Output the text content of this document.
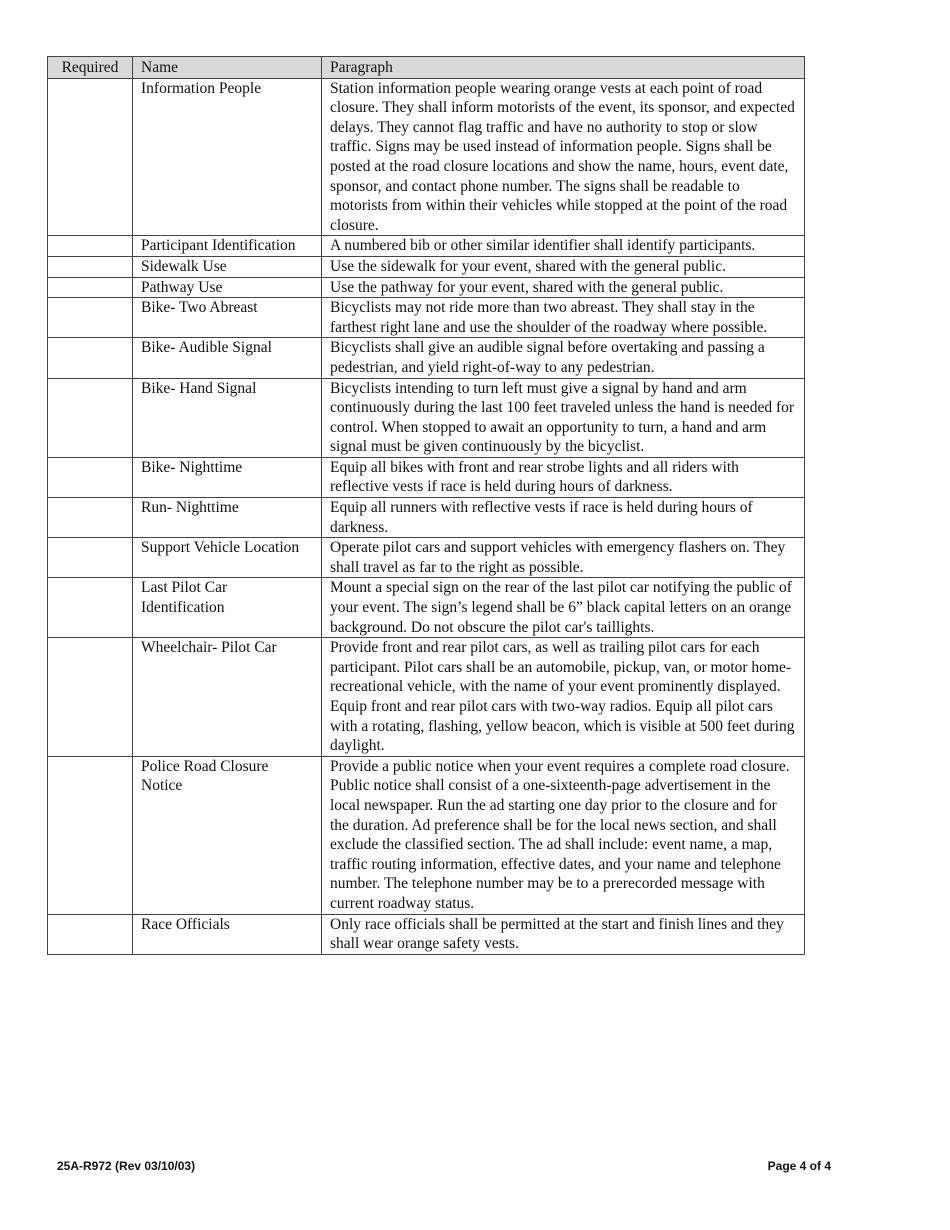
Required	Name	Paragraph
	Information People	Station information people wearing orange vests at each point of road closure. They shall inform motorists of the event, its sponsor, and expected delays. They cannot flag traffic and have no authority to stop or slow traffic. Signs may be used instead of information people. Signs shall be posted at the road closure locations and show the name, hours, event date, sponsor, and contact phone number. The signs shall be readable to motorists from within their vehicles while stopped at the point of the road closure.
	Participant Identification	A numbered bib or other similar identifier shall identify participants.
	Sidewalk Use	Use the sidewalk for your event, shared with the general public.
	Pathway Use	Use the pathway for your event, shared with the general public.
	Bike- Two Abreast	Bicyclists may not ride more than two abreast. They shall stay in the farthest right lane and use the shoulder of the roadway where possible.
	Bike- Audible Signal	Bicyclists shall give an audible signal before overtaking and passing a pedestrian, and yield right-of-way to any pedestrian.
	Bike- Hand Signal	Bicyclists intending to turn left must give a signal by hand and arm continuously during the last 100 feet traveled unless the hand is needed for control. When stopped to await an opportunity to turn, a hand and arm signal must be given continuously by the bicyclist.
	Bike- Nighttime	Equip all bikes with front and rear strobe lights and all riders with reflective vests if race is held during hours of darkness.
	Run- Nighttime	Equip all runners with reflective vests if race is held during hours of darkness.
	Support Vehicle Location	Operate pilot cars and support vehicles with emergency flashers on. They shall travel as far to the right as possible.
	Last Pilot Car Identification	Mount a special sign on the rear of the last pilot car notifying the public of your event. The sign’s legend shall be 6” black capital letters on an orange background. Do not obscure the pilot car's taillights.
	Wheelchair- Pilot Car	Provide front and rear pilot cars, as well as trailing pilot cars for each participant. Pilot cars shall be an automobile, pickup, van, or motor home-recreational vehicle, with the name of your event prominently displayed. Equip front and rear pilot cars with two-way radios. Equip all pilot cars with a rotating, flashing, yellow beacon, which is visible at 500 feet during daylight.
	Police Road Closure Notice	Provide a public notice when your event requires a complete road closure. Public notice shall consist of a one-sixteenth-page advertisement in the local newspaper. Run the ad starting one day prior to the closure and for the duration. Ad preference shall be for the local news section, and shall exclude the classified section. The ad shall include: event name, a map, traffic routing information, effective dates, and your name and telephone number. The telephone number may be to a prerecorded message with current roadway status.
	Race Officials	Only race officials shall be permitted at the start and finish lines and they shall wear orange safety vests.
25A-R972 (Rev 03/10/03)	Page 4 of 4
